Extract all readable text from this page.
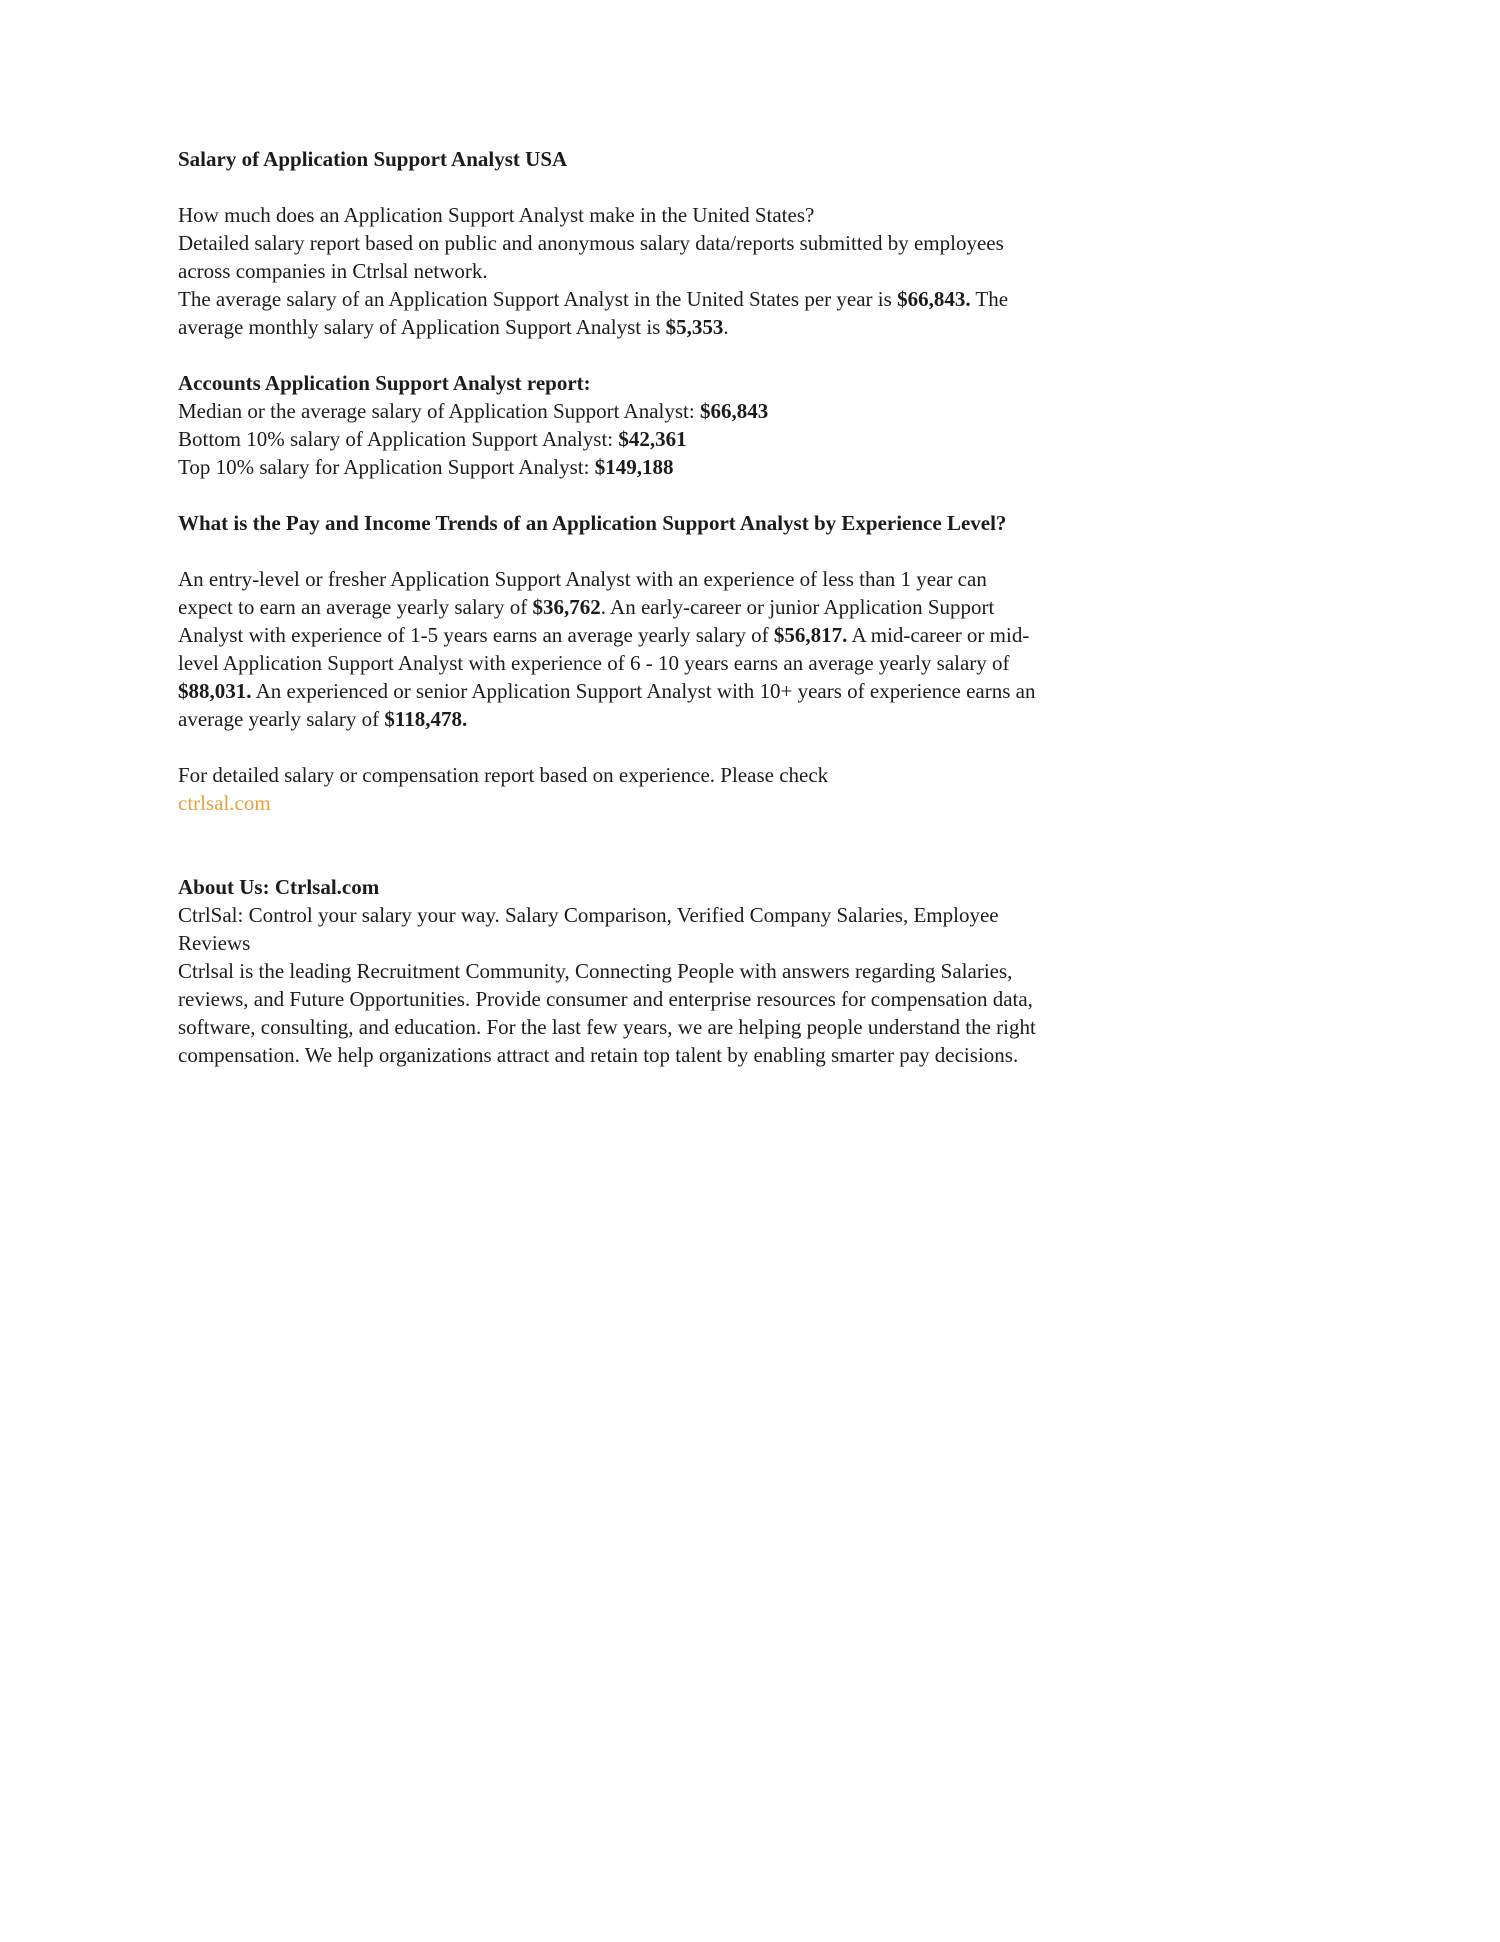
Salary of Application Support Analyst USA

How much does an Application Support Analyst make in the United States?
Detailed salary report based on public and anonymous salary data/reports submitted by employees across companies in Ctrlsal network.
The average salary of an Application Support Analyst in the United States per year is $66,843. The average monthly salary of Application Support Analyst is $5,353.

Accounts Application Support Analyst report:

Median or the average salary of Application Support Analyst: $66,843

Bottom 10% salary of Application Support Analyst: $42,361

Top 10% salary for Application Support Analyst: $149,188

What is the Pay and Income Trends of an Application Support Analyst by Experience Level?

An entry-level or fresher Application Support Analyst with an experience of less than 1 year can expect to earn an average yearly salary of $36,762. An early-career or junior Application Support Analyst with experience of 1-5 years earns an average yearly salary of $56,817. A mid-career or mid-level Application Support Analyst with experience of 6 - 10 years earns an average yearly salary of $88,031. An experienced or senior Application Support Analyst with 10+ years of experience earns an average yearly salary of $118,478.

For detailed salary or compensation report based on experience. Please check
ctrlsal.com

About Us: Ctrlsal.com

CtrlSal: Control your salary your way. Salary Comparison, Verified Company Salaries, Employee Reviews

Ctrlsal is the leading Recruitment Community, Connecting People with answers regarding Salaries, reviews, and Future Opportunities. Provide consumer and enterprise resources for compensation data, software, consulting, and education. For the last few years, we are helping people understand the right compensation. We help organizations attract and retain top talent by enabling smarter pay decisions.
